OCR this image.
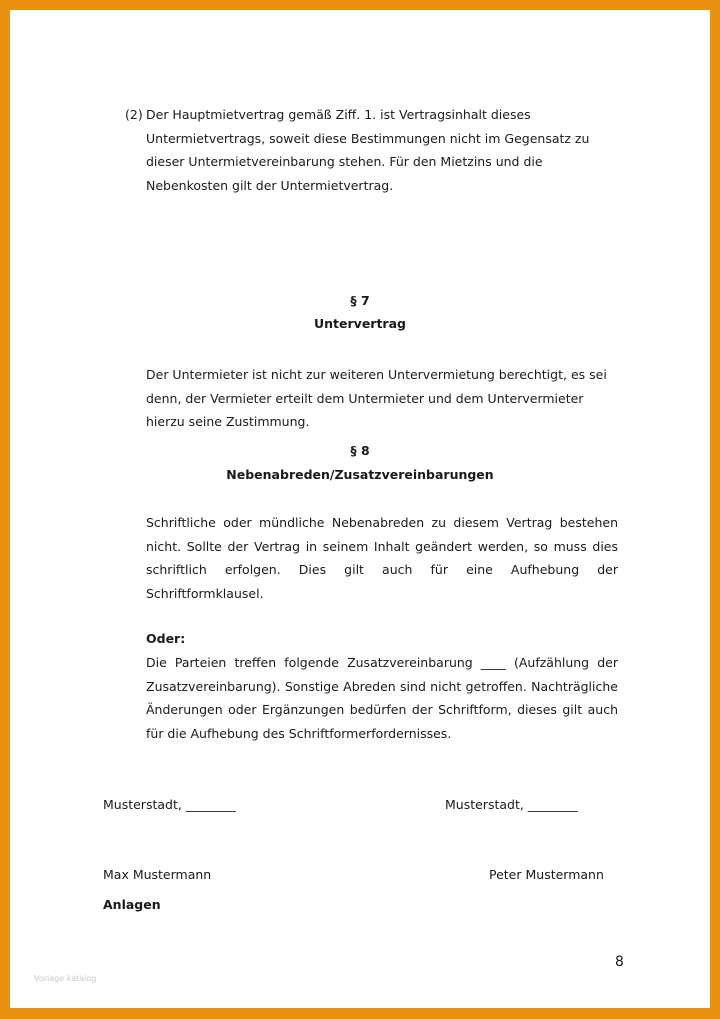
(2) Der Hauptmietvertrag gemäß Ziff. 1. ist Vertragsinhalt dieses Untermietvertrags, soweit diese Bestimmungen nicht im Gegensatz zu dieser Untermietvereinbarung stehen. Für den Mietzins und die Nebenkosten gilt der Untermietvertrag.
§ 7
Untervertrag
Der Untermieter ist nicht zur weiteren Untervermietung berechtigt, es sei denn, der Vermieter erteilt dem Untermieter und dem Untervermieter hierzu seine Zustimmung.
§ 8
Nebenabreden/Zusatzvereinbarungen
Schriftliche oder mündliche Nebenabreden zu diesem Vertrag bestehen nicht. Sollte der Vertrag in seinem Inhalt geändert werden, so muss dies schriftlich erfolgen. Dies gilt auch für eine Aufhebung der Schriftformklausel.
Oder:
Die Parteien treffen folgende Zusatzvereinbarung ____ (Aufzählung der Zusatzvereinbarung). Sonstige Abreden sind nicht getroffen. Nachträgliche Änderungen oder Ergänzungen bedürfen der Schriftform, dieses gilt auch für die Aufhebung des Schriftformerfordernisses.
Musterstadt, ________	Musterstadt, ________
Max Mustermann	Peter Mustermann
Anlagen
Vorlage katalog
8
